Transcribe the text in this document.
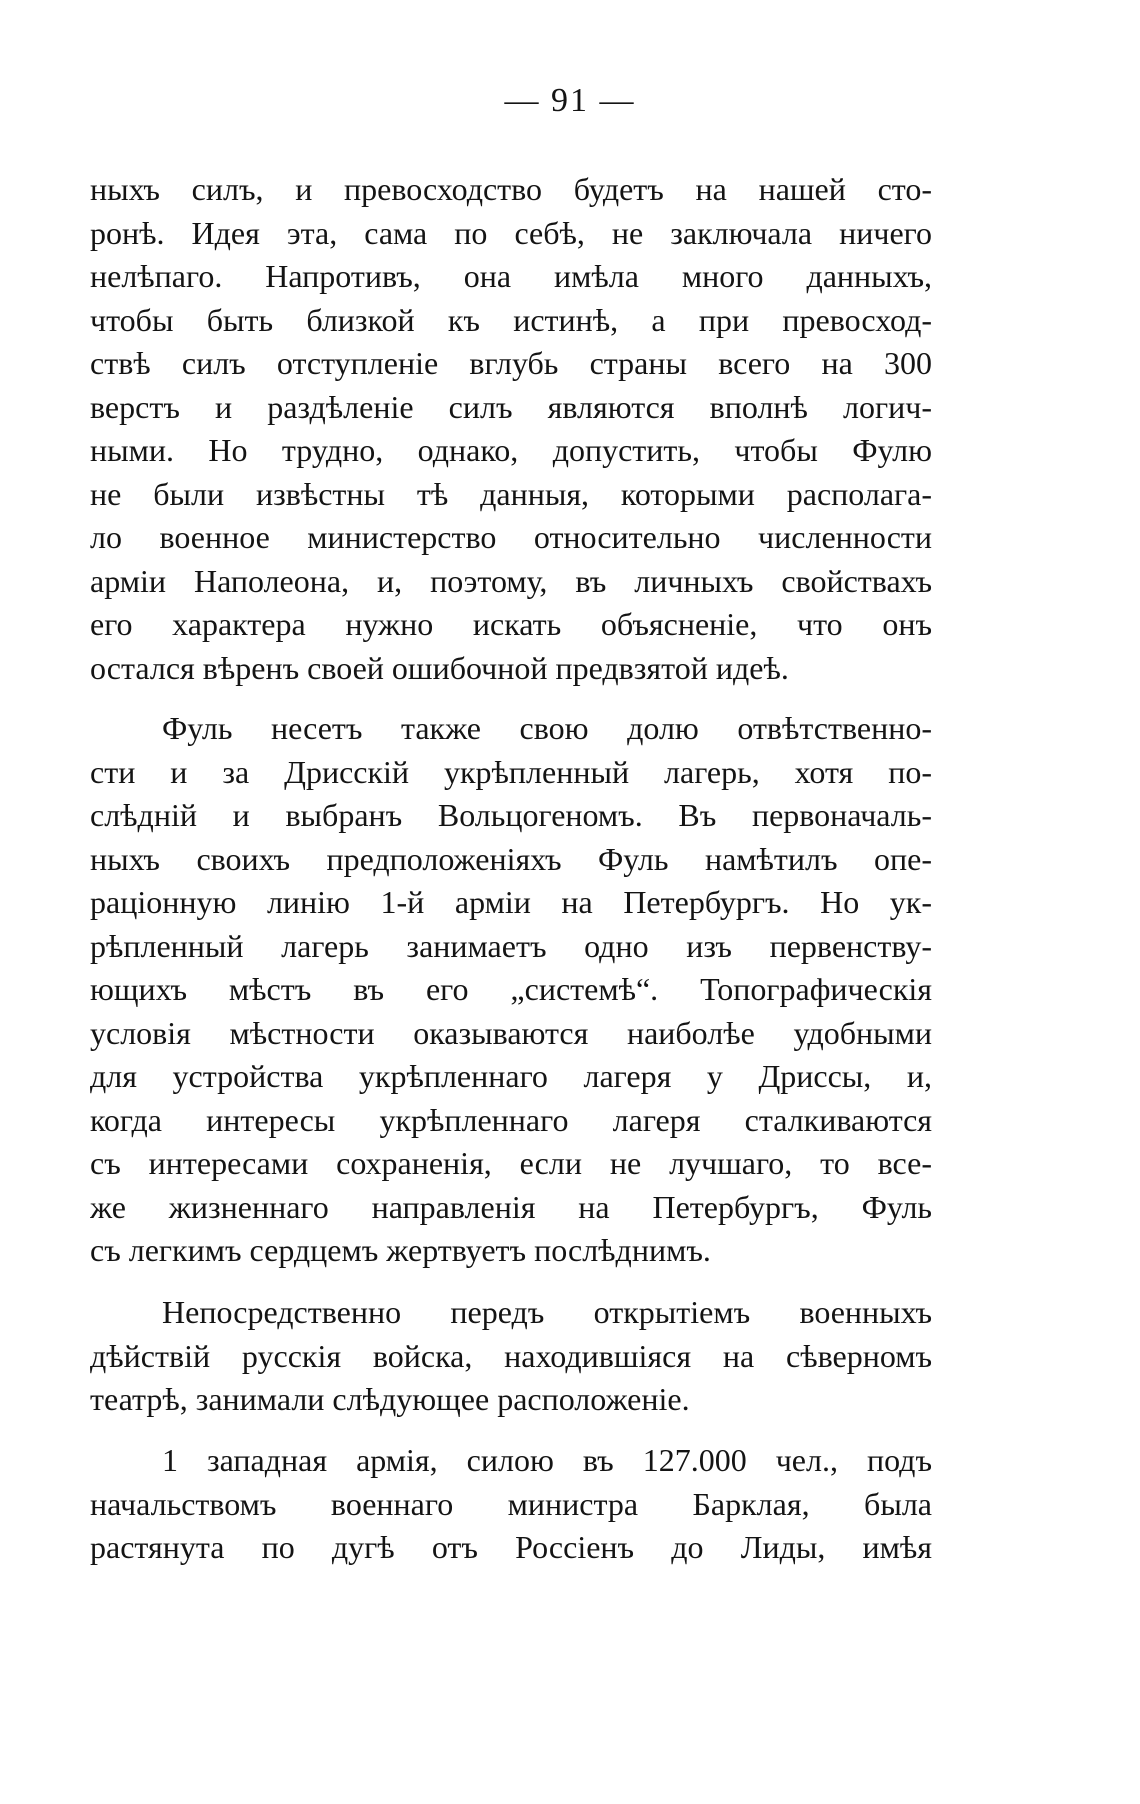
— 91 —
ныхъ силъ, и превосходство будетъ на нашей сто-
ронѣ. Идея эта, сама по себѣ, не заключала ничего
нелѣпаго. Напротивъ, она имѣла много данныхъ,
чтобы быть близкой къ истинѣ, а при превосход-
ствѣ силъ отступленіе вглубь страны всего на 300
верстъ и раздѣленіе силъ являются вполнѣ логич-
ными. Но трудно, однако, допустить, чтобы Фулю
не были извѣстны тѣ данныя, которыми располага-
ло военное министерство относительно численности
арміи Наполеона, и, поэтому, въ личныхъ свойствахъ
его характера нужно искать объясненіе, что онъ
остался вѣренъ своей ошибочной предвзятой идеѣ.
Фуль несетъ также свою долю отвѣтственно-
сти и за Дрисскій укрѣпленный лагерь, хотя по-
слѣдній и выбранъ Вольцогеномъ. Въ первоначаль-
ныхъ своихъ предположеніяхъ Фуль намѣтилъ опе-
раціонную линію 1-й арміи на Петербургъ. Но ук-
рѣпленный лагерь занимаетъ одно изъ первенству-
ющихъ мѣстъ въ его „системѣ“. Топографическія
условія мѣстности оказываются наиболѣе удобными
для устройства укрѣпленнаго лагеря у Дриссы, и,
когда интересы укрѣпленнаго лагеря сталкиваются
съ интересами сохраненія, если не лучшаго, то все-
же жизненнаго направленія на Петербургъ, Фуль
съ легкимъ сердцемъ жертвуетъ послѣднимъ.
Непосредственно передъ открытіемъ военныхъ
дѣйствій русскія войска, находившіяся на сѣверномъ
театрѣ, занимали слѣдующее расположеніе.
1 западная армія, силою въ 127.000 чел., подъ
начальствомъ военнаго министра Барклая, была
растянута по дугѣ отъ Россіенъ до Лиды, имѣя
